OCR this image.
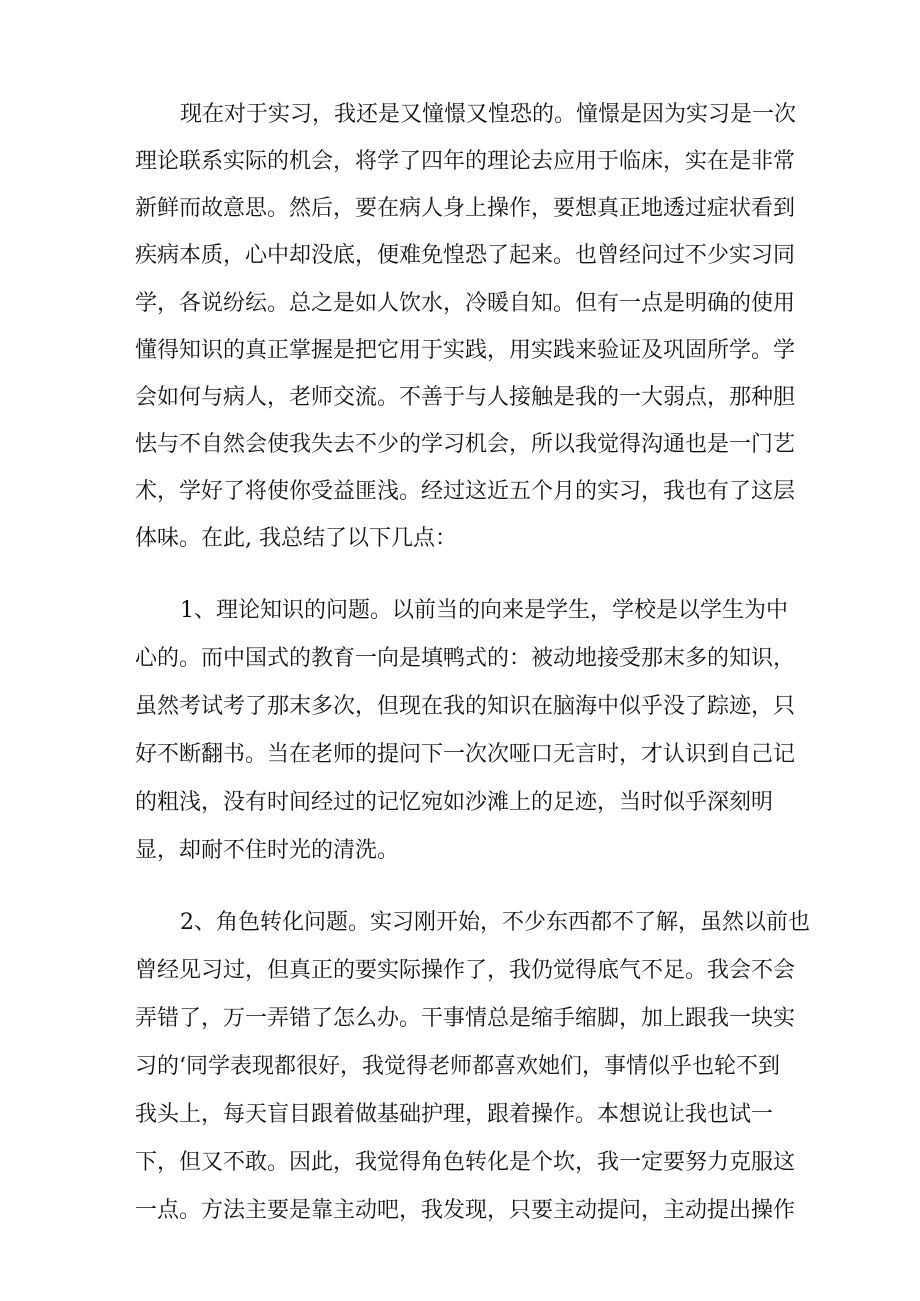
现在对于实习，我还是又憧憬又惶恐的。憧憬是因为实习是一次
理论联系实际的机会，将学了四年的理论去应用于临床，实在是非常
新鲜而故意思。然后，要在病人身上操作，要想真正地透过症状看到
疾病本质，心中却没底，便难免惶恐了起来。也曾经问过不少实习同
学，各说纷纭。总之是如人饮水，冷暖自知。但有一点是明确的使用
懂得知识的真正掌握是把它用于实践，用实践来验证及巩固所学。学
会如何与病人，老师交流。不善于与人接触是我的一大弱点，那种胆
怯与不自然会使我失去不少的学习机会，所以我觉得沟通也是一门艺
术，学好了将使你受益匪浅。经过这近五个月的实习，我也有了这层
体味。在此, 我总结了以下几点：
1、理论知识的问题。以前当的向来是学生，学校是以学生为中
心的。而中国式的教育一向是填鸭式的：被动地接受那末多的知识，
虽然考试考了那末多次，但现在我的知识在脑海中似乎没了踪迹，只
好不断翻书。当在老师的提问下一次次哑口无言时，才认识到自己记
的粗浅，没有时间经过的记忆宛如沙滩上的足迹，当时似乎深刻明
显，却耐不住时光的清洗。
2、角色转化问题。实习刚开始，不少东西都不了解，虽然以前也
曾经见习过，但真正的要实际操作了，我仍觉得底气不足。我会不会
弄错了，万一弄错了怎么办。干事情总是缩手缩脚，加上跟我一块实
习的‘同学表现都很好，我觉得老师都喜欢她们，事情似乎也轮不到
我头上，每天盲目跟着做基础护理，跟着操作。本想说让我也试一
下，但又不敢。因此，我觉得角色转化是个坎，我一定要努力克服这
一点。方法主要是靠主动吧，我发现，只要主动提问，主动提出操作
